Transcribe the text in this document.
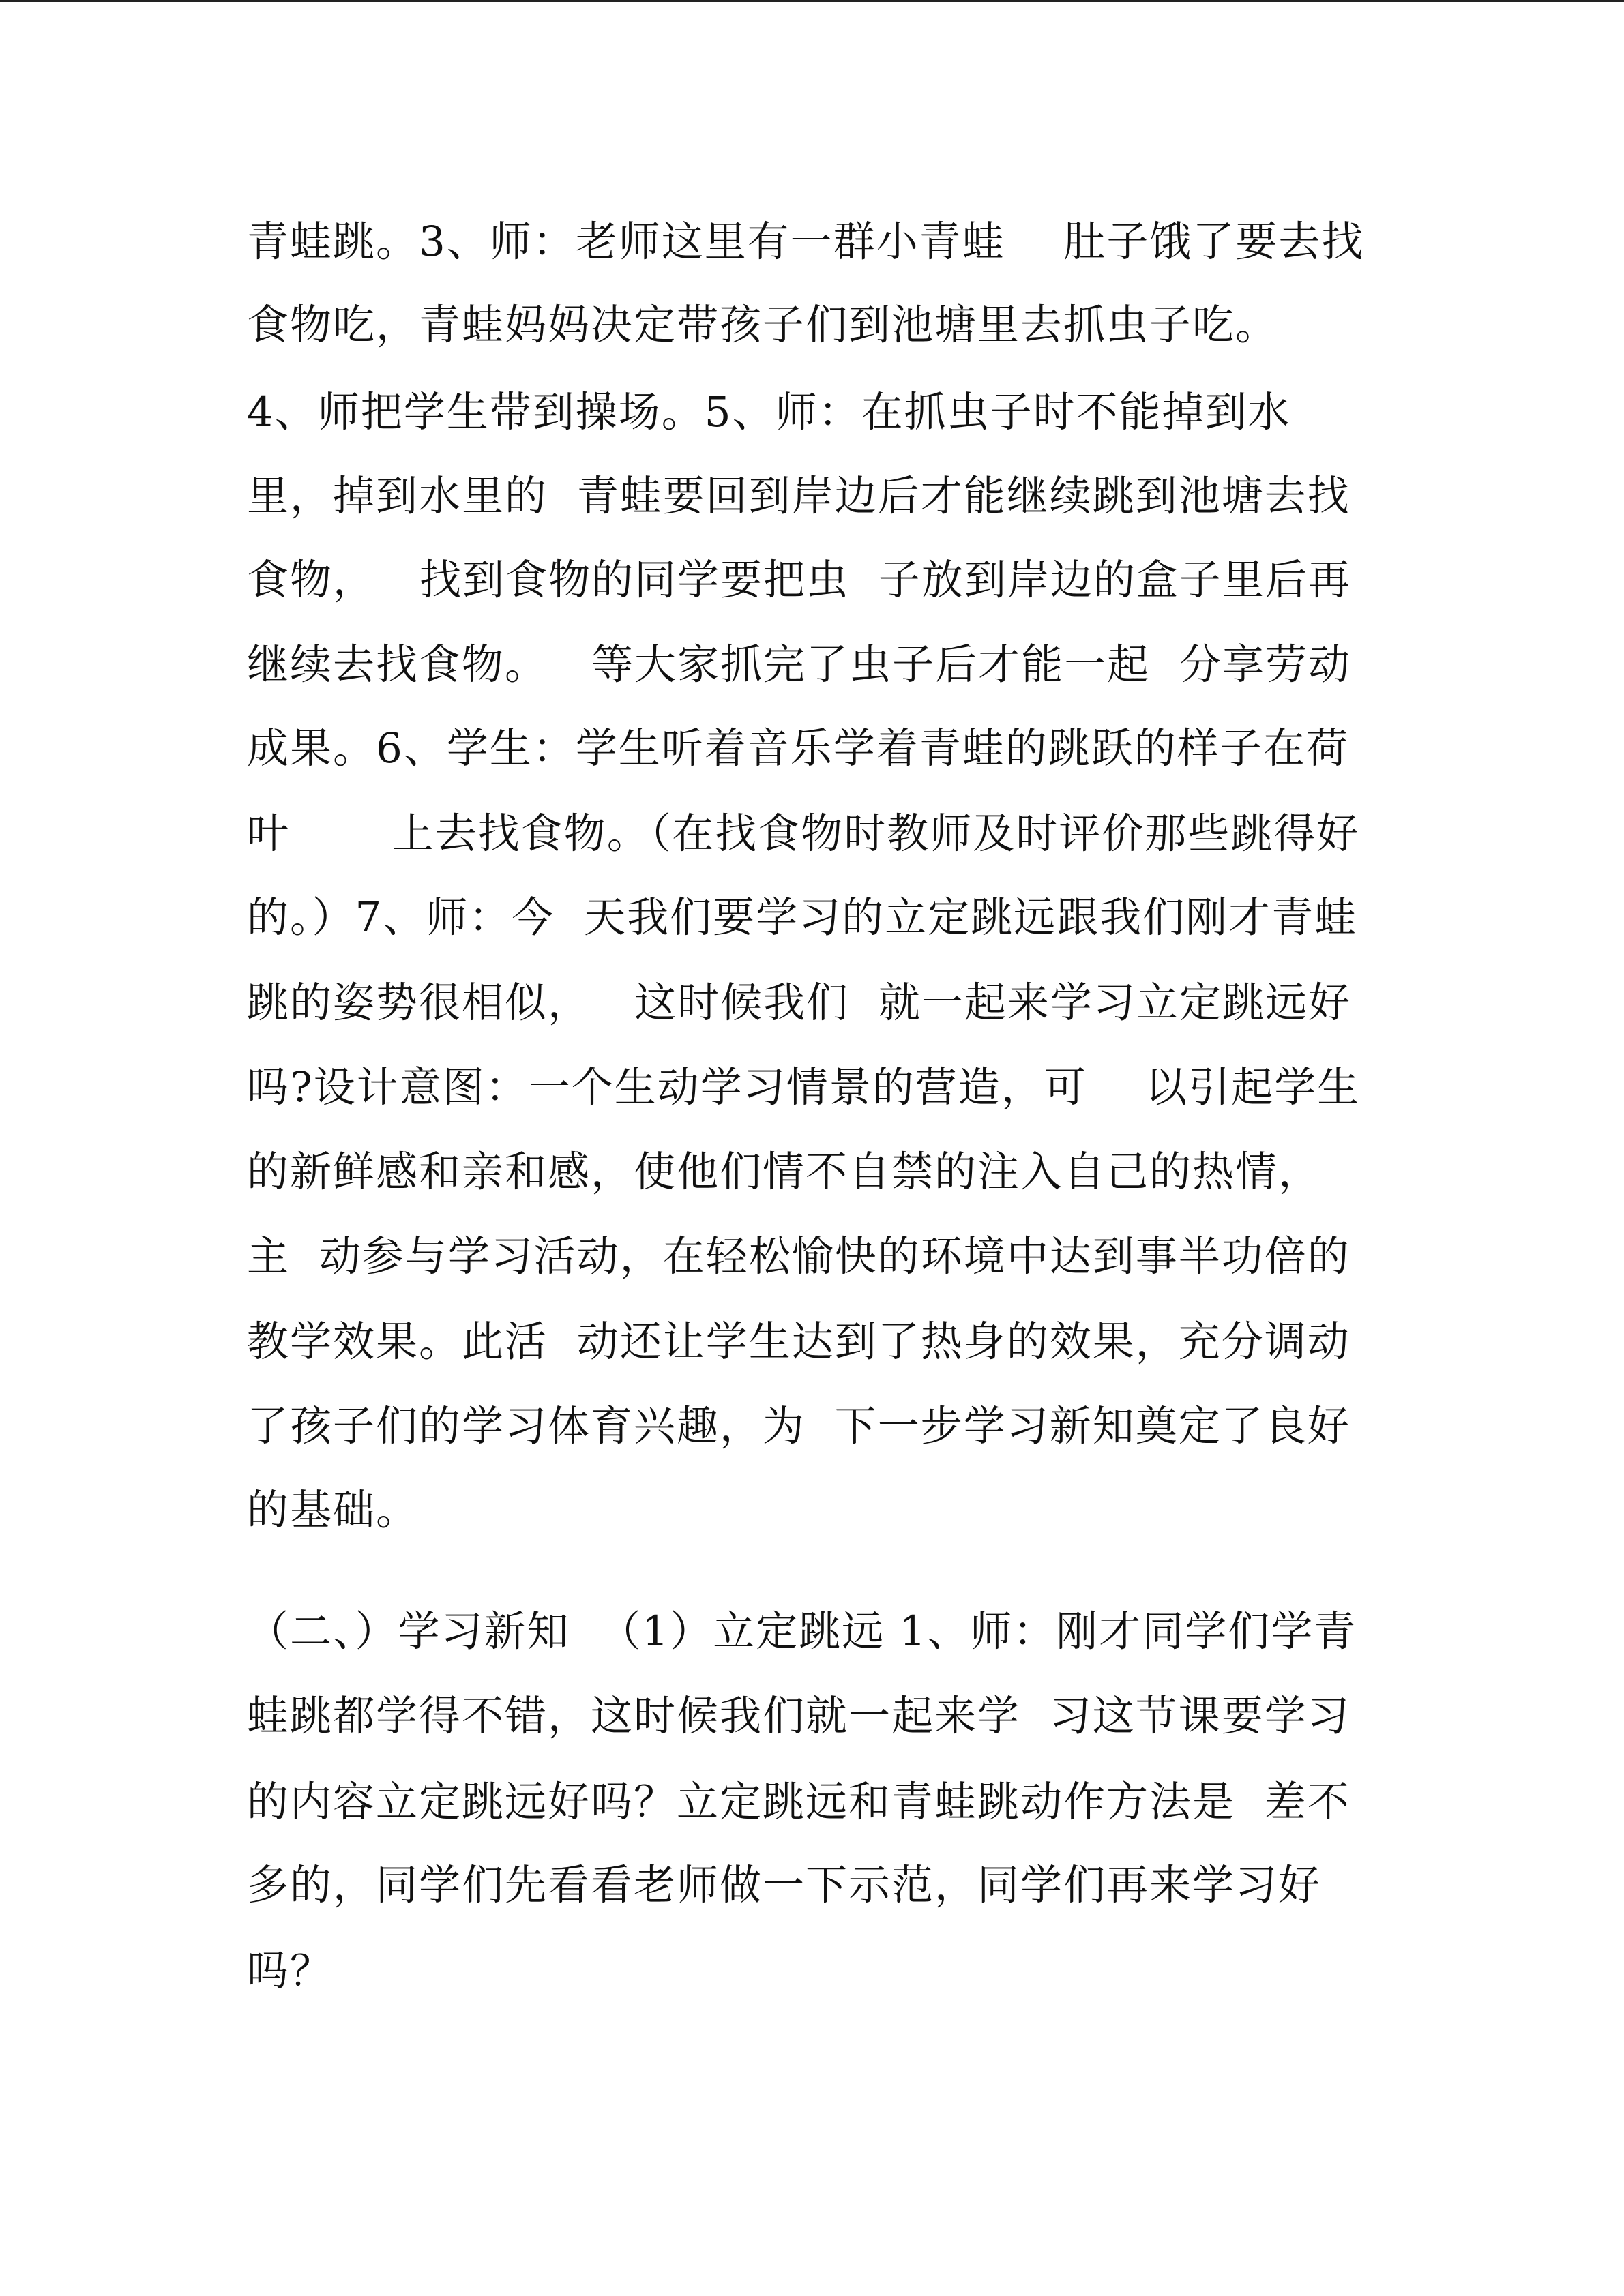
青蛙跳。3、师：老师这里有一群小青蛙    肚子饿了要去找
食物吃，青蛙妈妈决定带孩子们到池塘里去抓虫子吃。
4、师把学生带到操场。5、师：在抓虫子时不能掉到水
里，掉到水里的  青蛙要回到岸边后才能继续跳到池塘去找
食物，   找到食物的同学要把虫  子放到岸边的盒子里后再
继续去找食物。   等大家抓完了虫子后才能一起  分享劳动
成果。6、学生：学生听着音乐学着青蛙的跳跃的样子在荷
叶       上去找食物。（在找食物时教师及时评价那些跳得好
的。）7、师：今  天我们要学习的立定跳远跟我们刚才青蛙
跳的姿势很相似，   这时候我们  就一起来学习立定跳远好
吗?设计意图：一个生动学习情景的营造，可    以引起学生
的新鲜感和亲和感，使他们情不自禁的注入自己的热情，
主  动参与学习活动，在轻松愉快的环境中达到事半功倍的
教学效果。此活  动还让学生达到了热身的效果，充分调动
了孩子们的学习体育兴趣，为  下一步学习新知奠定了良好
的基础。
（二、）学习新知  （1）立定跳远 1、师：刚才同学们学青
蛙跳都学得不错，这时候我们就一起来学  习这节课要学习
的内容立定跳远好吗？立定跳远和青蛙跳动作方法是  差不
多的，同学们先看看老师做一下示范，同学们再来学习好
吗？
